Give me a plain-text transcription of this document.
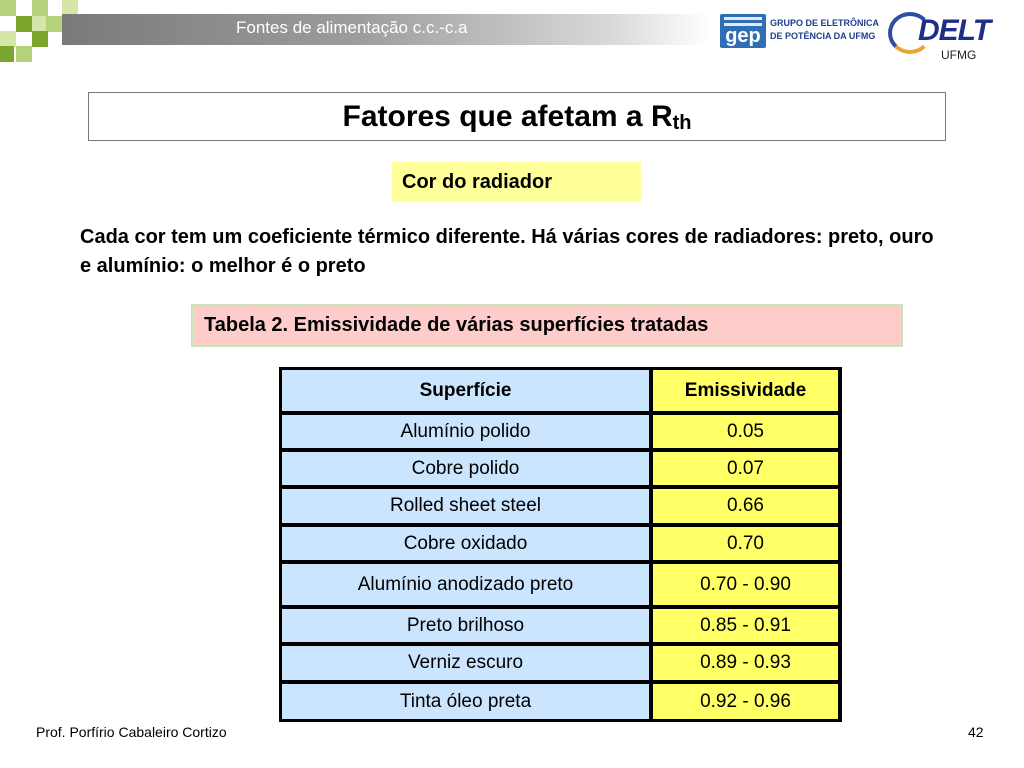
Fontes de alimentação c.c.-c.a	gep
GRUPO DE ELETRÔNICA
DE POTÊNCIA DA UFMG DELT
UFMG
Fatores que afetam a R th
Cor do radiador
Cada cor tem um coeficiente térmico diferente. Há várias cores de radiadores: preto, ouro e alumínio: o melhor é o preto
Tabela 2. Emissividade de várias superfícies tratadas
Superfície	Emissividade
Alumínio polido	0.05
Cobre polido	0.07
Rolled sheet steel	0.66
Cobre oxidado	0.70
Alumínio anodizado preto	0.70 - 0.90
Preto brilhoso	0.85 - 0.91
Verniz escuro	0.89 - 0.93
Tinta óleo preta	0.92 - 0.96
Prof. Porfírio Cabaleiro Cortizo	42
